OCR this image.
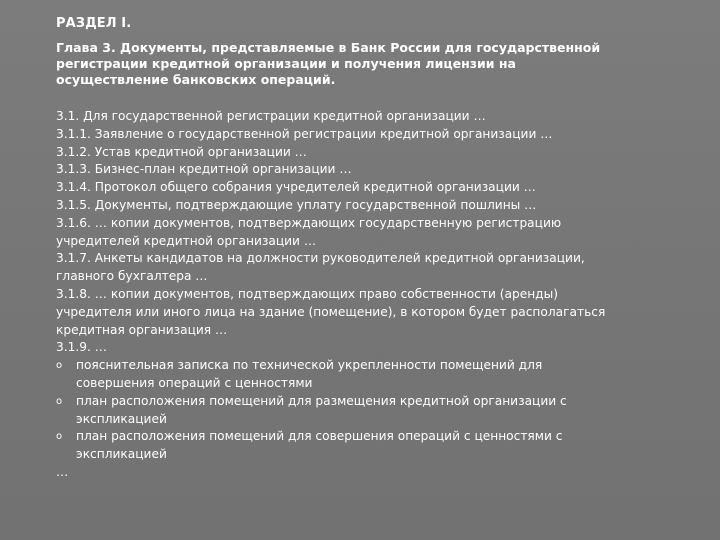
РАЗДЕЛ I.
Глава 3. Документы, представляемые в Банк России для государственной
регистрации кредитной организации и получения лицензии на
осуществление банковских операций.
3.1. Для государственной регистрации кредитной организации …
3.1.1. Заявление о государственной регистрации кредитной организации …
3.1.2. Устав кредитной организации …
3.1.3. Бизнес-план кредитной организации …
3.1.4. Протокол общего собрания учредителей кредитной организации …
3.1.5. Документы, подтверждающие уплату государственной пошлины …
3.1.6. … копии документов, подтверждающих государственную регистрацию
учредителей кредитной организации …
3.1.7. Анкеты кандидатов на должности руководителей кредитной организации,
главного бухгалтера …
3.1.8. … копии документов, подтверждающих право собственности (аренды)
учредителя или иного лица на здание (помещение), в котором будет располагаться
кредитная организация …
3.1.9. …
o	пояснительная записка по технической укрепленности помещений для
совершения операций с ценностями
o	план расположения помещений для размещения кредитной организации с
экспликацией
o	план расположения помещений для совершения операций с ценностями с
экспликацией
…
